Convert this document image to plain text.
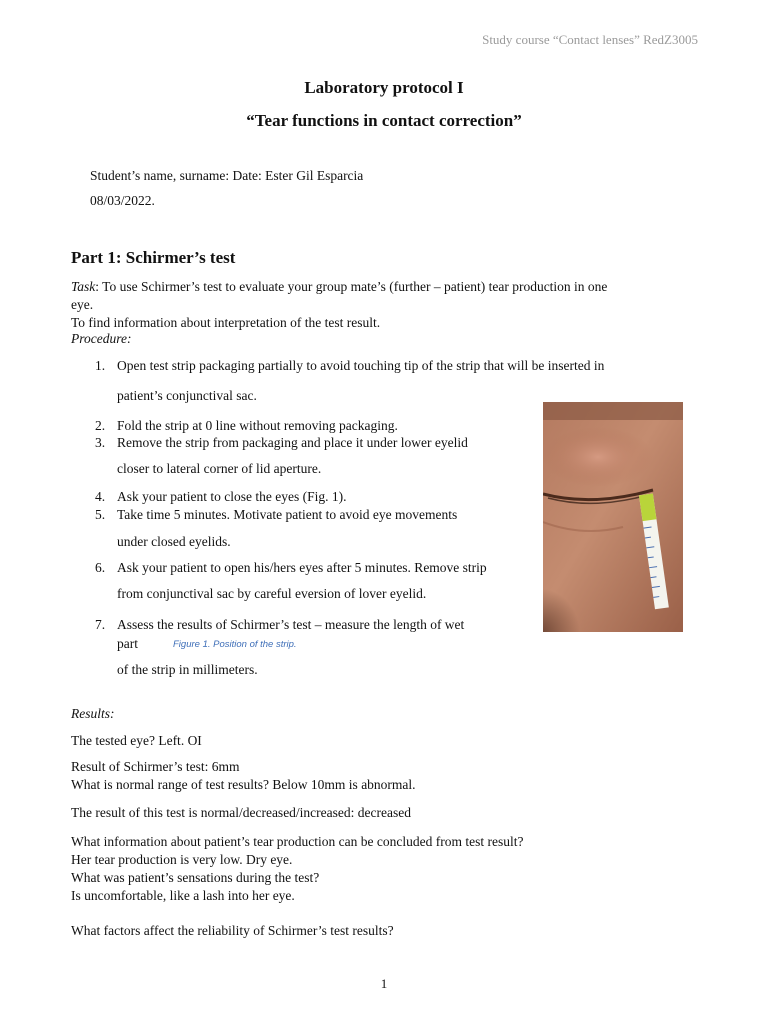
Study course “Contact lenses” RedZ3005
Laboratory protocol I
“Tear functions in contact correction”
Student’s name, surname: Date: Ester Gil Esparcia
08/03/2022.
Part 1: Schirmer’s test
Task: To use Schirmer’s test to evaluate your group mate’s (further – patient) tear production in one
eye.
To find information about interpretation of the test result.
Procedure:
1. Open test strip packaging partially to avoid touching tip of the strip that will be inserted in
patient’s conjunctival sac.
2. Fold the strip at 0 line without removing packaging.
3. Remove the strip from packaging and place it under lower eyelid
closer to lateral corner of lid aperture.
4. Ask your patient to close the eyes (Fig. 1).
5. Take time 5 minutes. Motivate patient to avoid eye movements
under closed eyelids.
6. Ask your patient to open his/hers eyes after 5 minutes. Remove strip
from conjunctival sac by careful eversion of lover eyelid.
7. Assess the results of Schirmer’s test – measure the length of wet
part
of the strip in millimeters.
Figure 1. Position of the strip.
Results:
The tested eye? Left. OI
Result of Schirmer’s test: 6mm
What is normal range of test results? Below 10mm is abnormal.
The result of this test is normal/decreased/increased: decreased
What information about patient’s tear production can be concluded from test result?
Her tear production is very low. Dry eye.
What was patient’s sensations during the test?
Is uncomfortable, like a lash into her eye.
What factors affect the reliability of Schirmer’s test results?
1
